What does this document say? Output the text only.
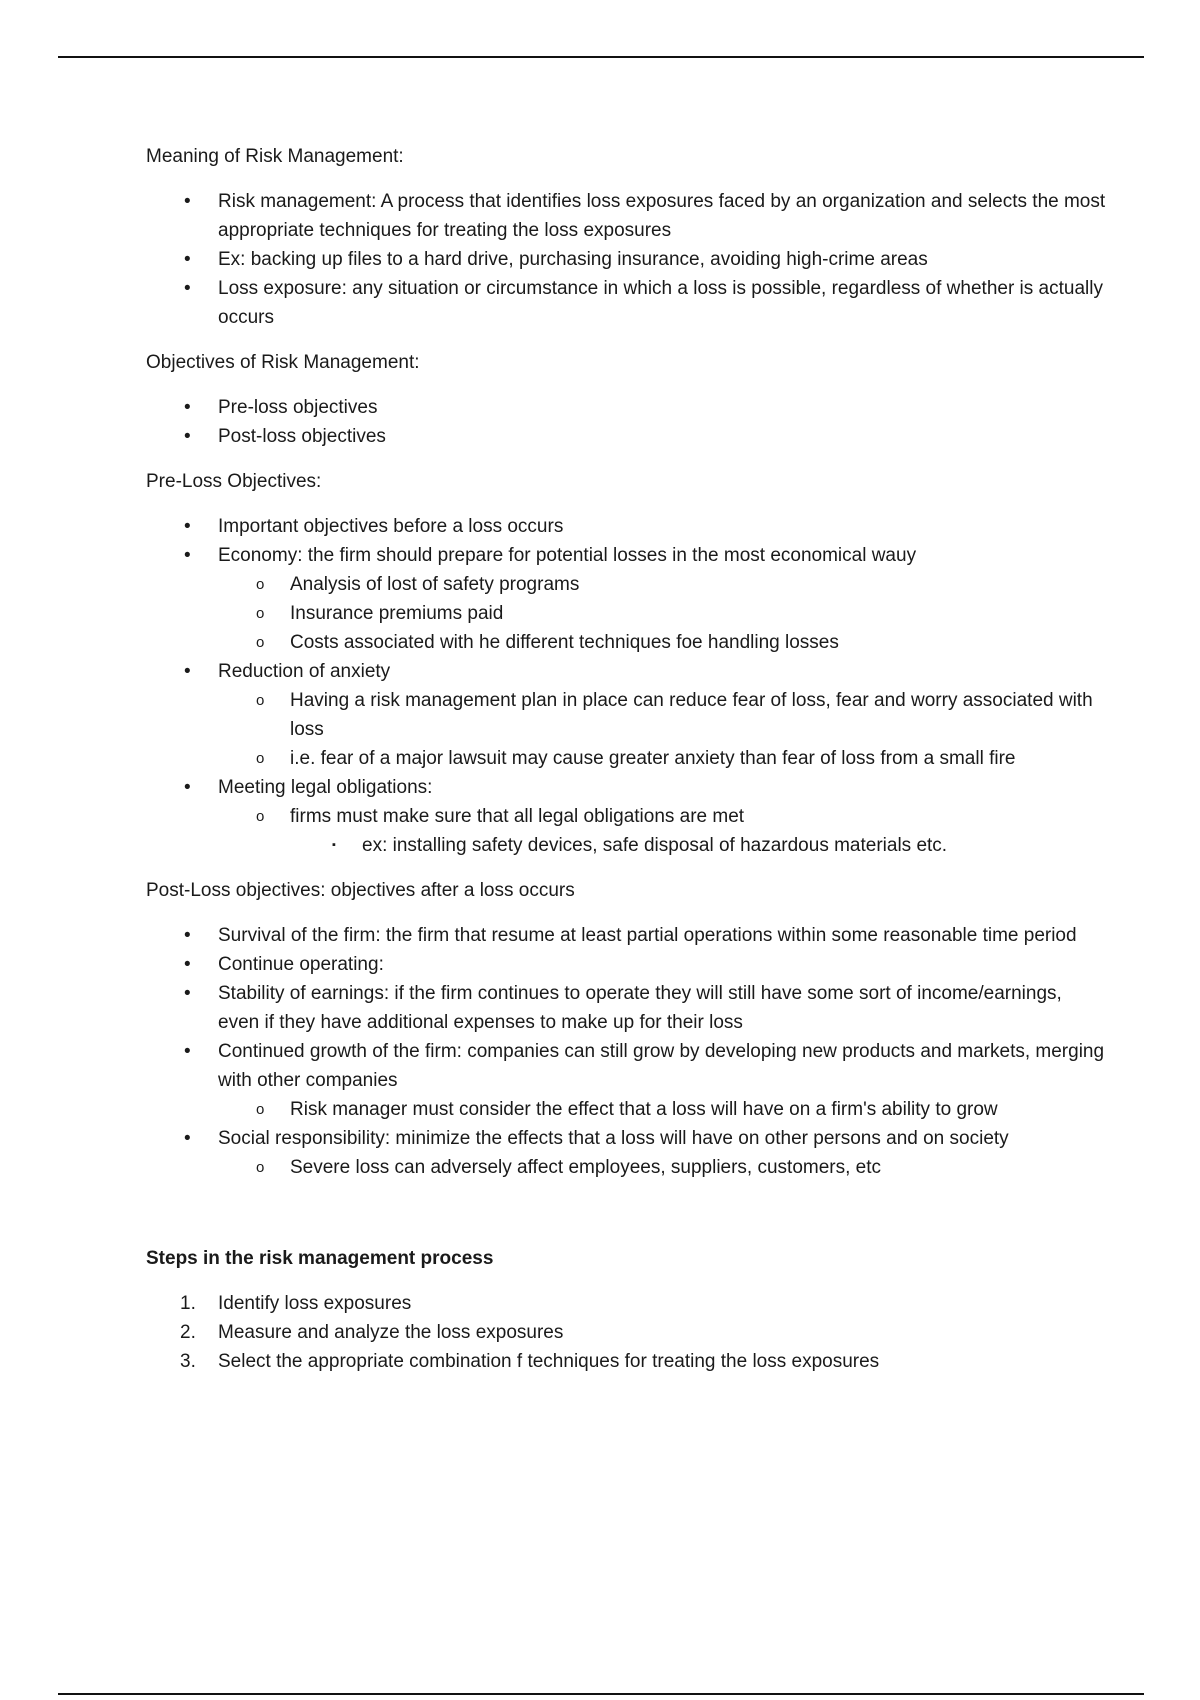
Meaning of Risk Management:

• Risk management: A process that identifies loss exposures faced by an organization and selects the most appropriate techniques for treating the loss exposures
• Ex: backing up files to a hard drive, purchasing insurance, avoiding high-crime areas
• Loss exposure: any situation or circumstance in which a loss is possible, regardless of whether is actually occurs

Objectives of Risk Management:

• Pre-loss objectives
• Post-loss objectives

Pre-Loss Objectives:

• Important objectives before a loss occurs
• Economy: the firm should prepare for potential losses in the most economical wauy
o Analysis of lost of safety programs
o Insurance premiums paid
o Costs associated with he different techniques foe handling losses
• Reduction of anxiety
o Having a risk management plan in place can reduce fear of loss, fear and worry associated with loss
o i.e. fear of a major lawsuit may cause greater anxiety than fear of loss from a small fire
• Meeting legal obligations:
o firms must make sure that all legal obligations are met
▪ ex: installing safety devices, safe disposal of hazardous materials etc.

Post-Loss objectives: objectives after a loss occurs

• Survival of the firm: the firm that resume at least partial operations within some reasonable time period
• Continue operating:
• Stability of earnings: if the firm continues to operate they will still have some sort of income/earnings, even if they have additional expenses to make up for their loss
• Continued growth of the firm: companies can still grow by developing new products and markets, merging with other companies
o Risk manager must consider the effect that a loss will have on a firm's ability to grow
• Social responsibility: minimize the effects that a loss will have on other persons and on society
o Severe loss can adversely affect employees, suppliers, customers, etc

Steps in the risk management process

1. Identify loss exposures
2. Measure and analyze the loss exposures
3. Select the appropriate combination f techniques for treating the loss exposures
